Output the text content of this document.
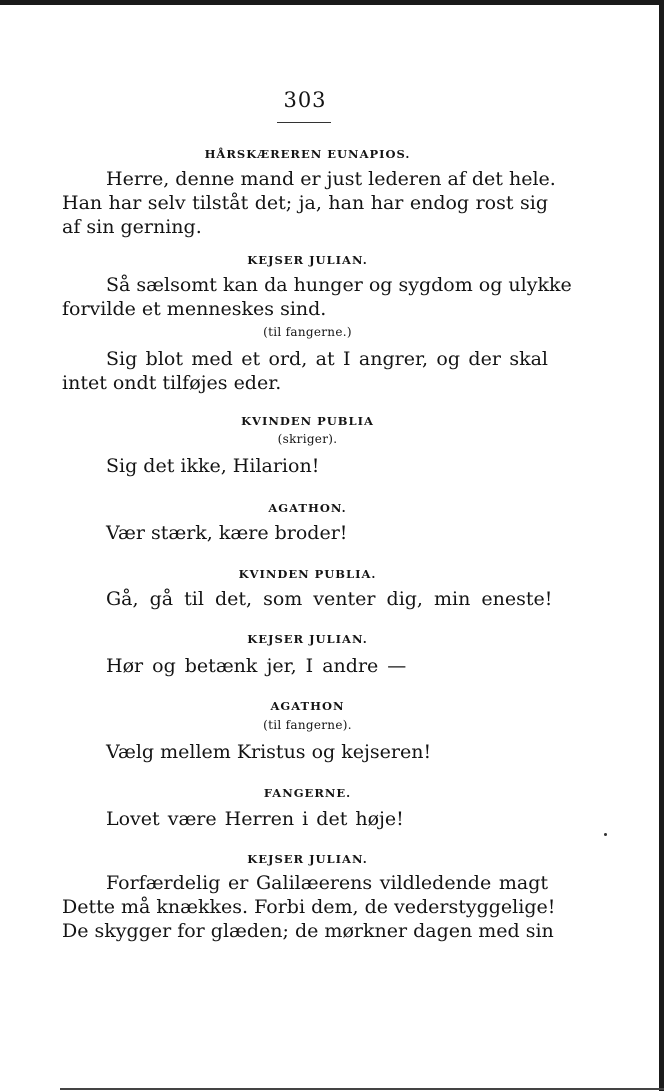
303
HÅRSKÆREREN EUNAPIOS.
Herre, denne mand er just lederen af det hele.
Han har selv tilståt det; ja, han har endog rost sig
af sin gerning.
KEJSER JULIAN.
Så sælsomt kan da hunger og sygdom og ulykke
forvilde et menneskes sind.
(til fangerne.)
Sig blot med et ord, at I angrer, og der skal
intet ondt tilføjes eder.
KVINDEN PUBLIA
(skriger).
Sig det ikke, Hilarion!
AGATHON.
Vær stærk, kære broder!
KVINDEN PUBLIA.
Gå, gå til det, som venter dig, min eneste!
KEJSER JULIAN.
Hør og betænk jer, I andre —
AGATHON
(til fangerne).
Vælg mellem Kristus og kejseren!
FANGERNE.
Lovet være Herren i det høje!
KEJSER JULIAN.
Forfærdelig er Galilæerens vildledende magt
Dette må knækkes. Forbi dem, de vederstyggelige!
De skygger for glæden; de mørkner dagen med sin
